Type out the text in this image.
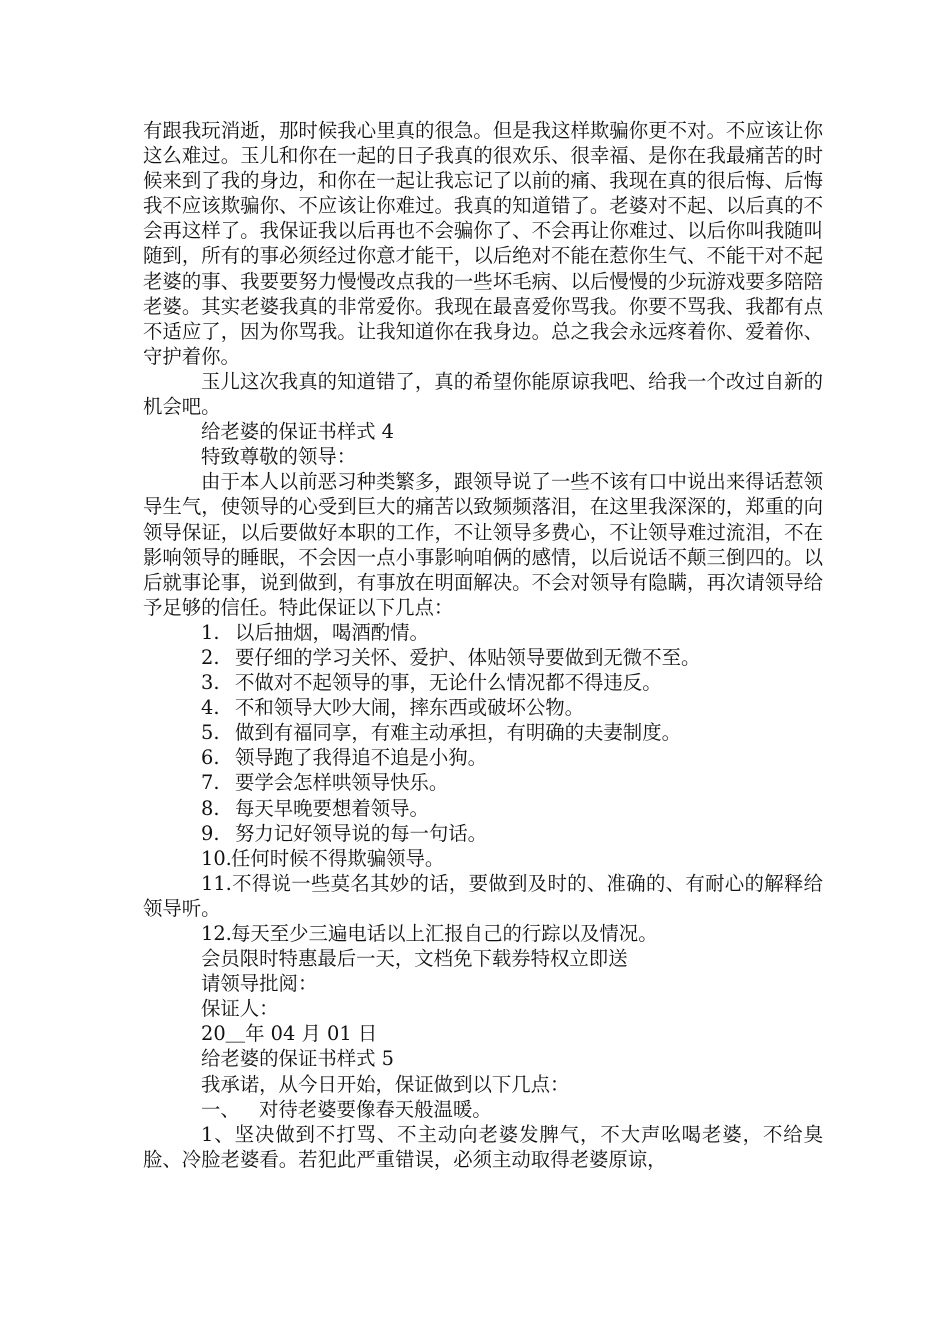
有跟我玩消逝，那时候我心里真的很急。但是我这样欺骗你更不对。不应该让你这么难过。玉儿和你在一起的日子我真的很欢乐、很幸福、是你在我最痛苦的时候来到了我的身边，和你在一起让我忘记了以前的痛、我现在真的很后悔、后悔我不应该欺骗你、不应该让你难过。我真的知道错了。老婆对不起、以后真的不会再这样了。我保证我以后再也不会骗你了、不会再让你难过、以后你叫我随叫随到，所有的事必须经过你意才能干，以后绝对不能在惹你生气、不能干对不起老婆的事、我要要努力慢慢改点我的一些坏毛病、以后慢慢的少玩游戏要多陪陪老婆。其实老婆我真的非常爱你。我现在最喜爱你骂我。你要不骂我、我都有点不适应了，因为你骂我。让我知道你在我身边。总之我会永远疼着你、爱着你、守护着你。

玉儿这次我真的知道错了，真的希望你能原谅我吧、给我一个改过自新的机会吧。

给老婆的保证书样式 4

特致尊敬的领导：

由于本人以前恶习种类繁多，跟领导说了一些不该有口中说出来得话惹领导生气，使领导的心受到巨大的痛苦以致频频落泪，在这里我深深的，郑重的向领导保证，以后要做好本职的工作，不让领导多费心，不让领导难过流泪，不在影响领导的睡眠，不会因一点小事影响咱俩的感情，以后说话不颠三倒四的。以后就事论事，说到做到，有事放在明面解决。不会对领导有隐瞒，再次请领导给予足够的信任。特此保证以下几点：

1. 以后抽烟，喝酒酌情。

2. 要仔细的学习关怀、爱护、体贴领导要做到无微不至。

3. 不做对不起领导的事，无论什么情况都不得违反。

4. 不和领导大吵大闹，摔东西或破坏公物。

5. 做到有福同享，有难主动承担，有明确的夫妻制度。

6. 领导跑了我得追不追是小狗。

7. 要学会怎样哄领导快乐。

8. 每天早晚要想着领导。

9. 努力记好领导说的每一句话。

10.任何时候不得欺骗领导。

11.不得说一些莫名其妙的话，要做到及时的、准确的、有耐心的解释给领导听。

12.每天至少三遍电话以上汇报自己的行踪以及情况。

会员限时特惠最后一天，文档免下载券特权立即送

请领导批阅：

保证人：

20＿年 04 月 01 日

给老婆的保证书样式 5

我承诺，从今日开始，保证做到以下几点：

一、 对待老婆要像春天般温暖。

1、坚决做到不打骂、不主动向老婆发脾气，不大声吆喝老婆，不给臭脸、冷脸老婆看。若犯此严重错误，必须主动取得老婆原谅，
